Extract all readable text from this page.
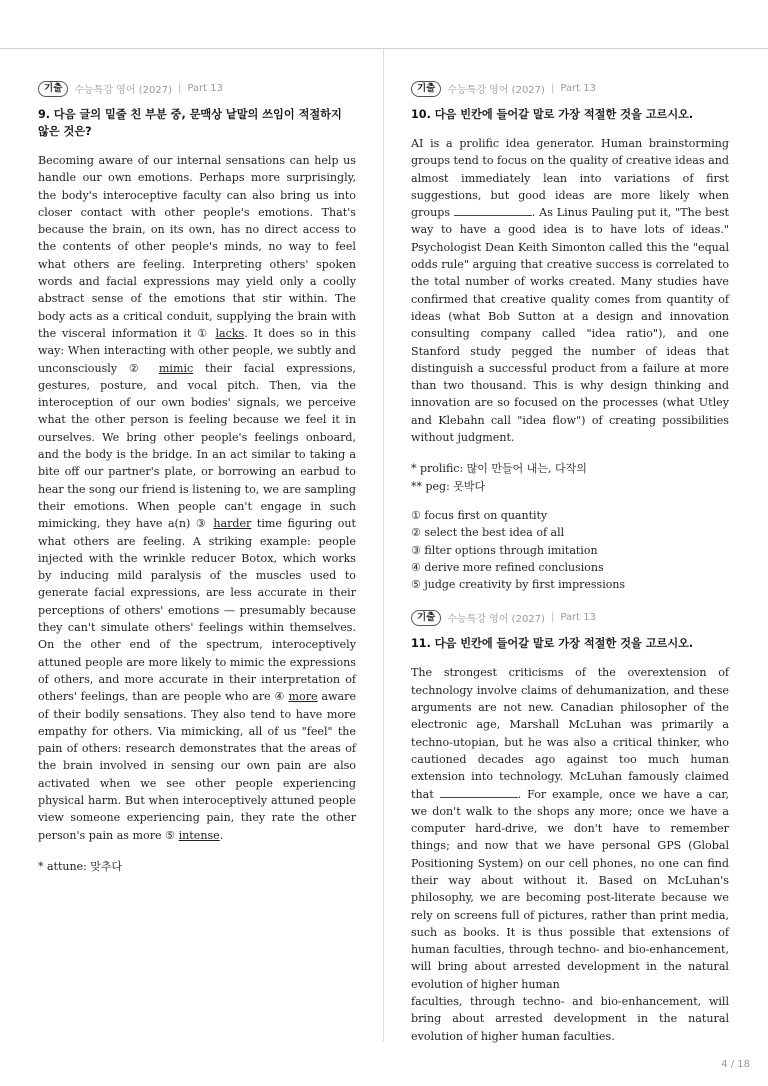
기출	수능특강 영어 (2027) | Part 13
9. 다음 글의 밑줄 친 부분 중, 문맥상 낱말의 쓰임이 적절하지 않은 것은?
Becoming aware of our internal sensations can help us handle our own emotions. Perhaps more surprisingly, the body's interoceptive faculty can also bring us into closer contact with other people's emotions. That's because the brain, on its own, has no direct access to the contents of other people's minds, no way to feel what others are feeling. Interpreting others' spoken words and facial expressions may yield only a coolly abstract sense of the emotions that stir within. The body acts as a critical conduit, supplying the brain with the visceral information it ① lacks. It does so in this way: When interacting with other people, we subtly and unconsciously ② mimic their facial expressions, gestures, posture, and vocal pitch. Then, via the interoception of our own bodies' signals, we perceive what the other person is feeling because we feel it in ourselves. We bring other people's feelings onboard, and the body is the bridge. In an act similar to taking a bite off our partner's plate, or borrowing an earbud to hear the song our friend is listening to, we are sampling their emotions. When people can't engage in such mimicking, they have a(n) ③ harder time figuring out what others are feeling. A striking example: people injected with the wrinkle reducer Botox, which works by inducing mild paralysis of the muscles used to generate facial expressions, are less accurate in their perceptions of others' emotions — presumably because they can't simulate others' feelings within themselves. On the other end of the spectrum, interoceptively attuned people are more likely to mimic the expressions of others, and more accurate in their interpretation of others' feelings, than are people who are ④ more aware of their bodily sensations. They also tend to have more empathy for others. Via mimicking, all of us "feel" the pain of others: research demonstrates that the areas of the brain involved in sensing our own pain are also activated when we see other people experiencing physical harm. But when interoceptively attuned people view someone experiencing pain, they rate the other person's pain as more ⑤ intense.
* attune: 맞추다
기출	수능특강 영어 (2027) | Part 13
10. 다음 빈칸에 들어갈 말로 가장 적절한 것을 고르시오.
AI is a prolific idea generator. Human brainstorming groups tend to focus on the quality of creative ideas and almost immediately lean into variations of first suggestions, but good ideas are more likely when groups	. As Linus Pauling put it, "The best way to have a good idea is to have lots of ideas." Psychologist Dean Keith Simonton called this the "equal odds rule" arguing that creative success is correlated to the total number of works created. Many studies have confirmed that creative quality comes from quantity of ideas (what Bob Sutton at a design and innovation consulting company called "idea ratio"), and one Stanford study pegged the number of ideas that distinguish a successful product from a failure at more than two thousand. This is why design thinking and innovation are so focused on the processes (what Utley and Klebahn call "idea flow") of creating possibilities without judgment.
* prolific: 많이 만들어 내는, 다작의
** peg: 못박다
① focus first on quantity
② select the best idea of all
③ filter options through imitation
④ derive more refined conclusions
⑤ judge creativity by first impressions
기출	수능특강 영어 (2027) | Part 13
11. 다음 빈칸에 들어갈 말로 가장 적절한 것을 고르시오.
The strongest criticisms of the overextension of technology involve claims of dehumanization, and these arguments are not new. Canadian philosopher of the electronic age, Marshall McLuhan was primarily a techno-utopian, but he was also a critical thinker, who cautioned decades ago against too much human extension into technology. McLuhan famously claimed that	. For example, once we have a car, we don't walk to the shops any more; once we have a computer hard-drive, we don't have to remember things; and now that we have personal GPS (Global Positioning System) on our cell phones, no one can find their way about without it. Based on McLuhan's philosophy, we are becoming post-literate because we rely on screens full of pictures, rather than print media, such as books. It is thus possible that extensions of human faculties, through techno- and bio-enhancement, will bring about arrested development in the natural evolution of higher human
faculties, through techno- and bio-enhancement, will bring about arrested development in the natural evolution of higher human faculties.
4 / 18
